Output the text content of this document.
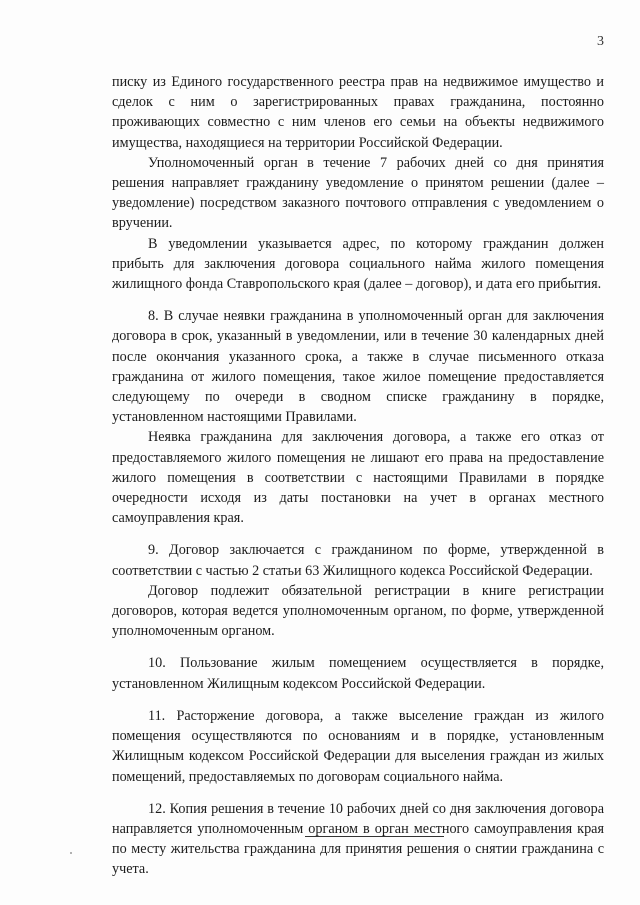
3

писку из Единого государственного реестра прав на недвижимое имущество и сделок с ним о зарегистрированных правах гражданина, постоянно проживающих совместно с ним членов его семьи на объекты недвижимого имущества, находящиеся на территории Российской Федерации.

Уполномоченный орган в течение 7 рабочих дней со дня принятия решения направляет гражданину уведомление о принятом решении (далее – уведомление) посредством заказного почтового отправления с уведомлением о вручении.

В уведомлении указывается адрес, по которому гражданин должен прибыть для заключения договора социального найма жилого помещения жилищного фонда Ставропольского края (далее – договор), и дата его прибытия.

8. В случае неявки гражданина в уполномоченный орган для заключения договора в срок, указанный в уведомлении, или в течение 30 календарных дней после окончания указанного срока, а также в случае письменного отказа гражданина от жилого помещения, такое жилое помещение предоставляется следующему по очереди в сводном списке гражданину в порядке, установленном настоящими Правилами.

Неявка гражданина для заключения договора, а также его отказ от предоставляемого жилого помещения не лишают его права на предоставление жилого помещения в соответствии с настоящими Правилами в порядке очередности исходя из даты постановки на учет в органах местного самоуправления края.

9. Договор заключается с гражданином по форме, утвержденной в соответствии с частью 2 статьи 63 Жилищного кодекса Российской Федерации.

Договор подлежит обязательной регистрации в книге регистрации договоров, которая ведется уполномоченным органом, по форме, утвержденной уполномоченным органом.

10. Пользование жилым помещением осуществляется в порядке, установленном Жилищным кодексом Российской Федерации.

11. Расторжение договора, а также выселение граждан из жилого помещения осуществляются по основаниям и в порядке, установленным Жилищным кодексом Российской Федерации для выселения граждан из жилых помещений, предоставляемых по договорам социального найма.

12. Копия решения в течение 10 рабочих дней со дня заключения договора направляется уполномоченным органом в орган местного самоуправления края по месту жительства гражданина для принятия решения о снятии гражданина с учета.
